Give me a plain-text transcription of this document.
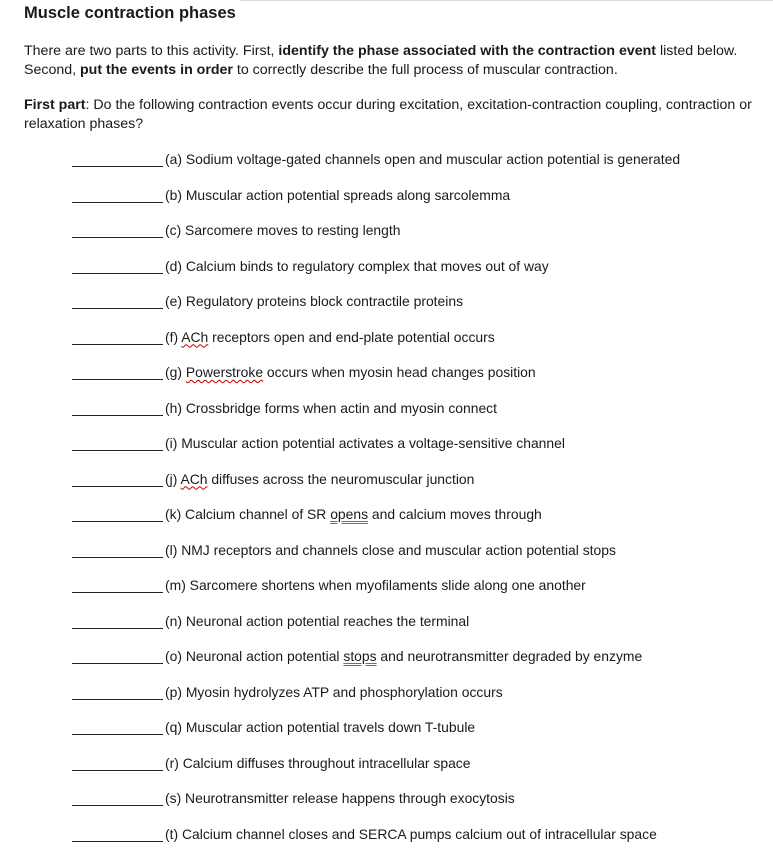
Muscle contraction phases

There are two parts to this activity. First, identify the phase associated with the contraction event listed below. Second, put the events in order to correctly describe the full process of muscular contraction.

First part: Do the following contraction events occur during excitation, excitation-contraction coupling, contraction or relaxation phases?

(a) Sodium voltage-gated channels open and muscular action potential is generated
(b) Muscular action potential spreads along sarcolemma
(c) Sarcomere moves to resting length
(d) Calcium binds to regulatory complex that moves out of way
(e) Regulatory proteins block contractile proteins
(f) ACh receptors open and end-plate potential occurs
(g) Powerstroke occurs when myosin head changes position
(h) Crossbridge forms when actin and myosin connect
(i) Muscular action potential activates a voltage-sensitive channel
(j) ACh diffuses across the neuromuscular junction
(k) Calcium channel of SR opens and calcium moves through
(l) NMJ receptors and channels close and muscular action potential stops
(m) Sarcomere shortens when myofilaments slide along one another
(n) Neuronal action potential reaches the terminal
(o) Neuronal action potential stops and neurotransmitter degraded by enzyme
(p) Myosin hydrolyzes ATP and phosphorylation occurs
(q) Muscular action potential travels down T-tubule
(r) Calcium diffuses throughout intracellular space
(s) Neurotransmitter release happens through exocytosis
(t) Calcium channel closes and SERCA pumps calcium out of intracellular space
